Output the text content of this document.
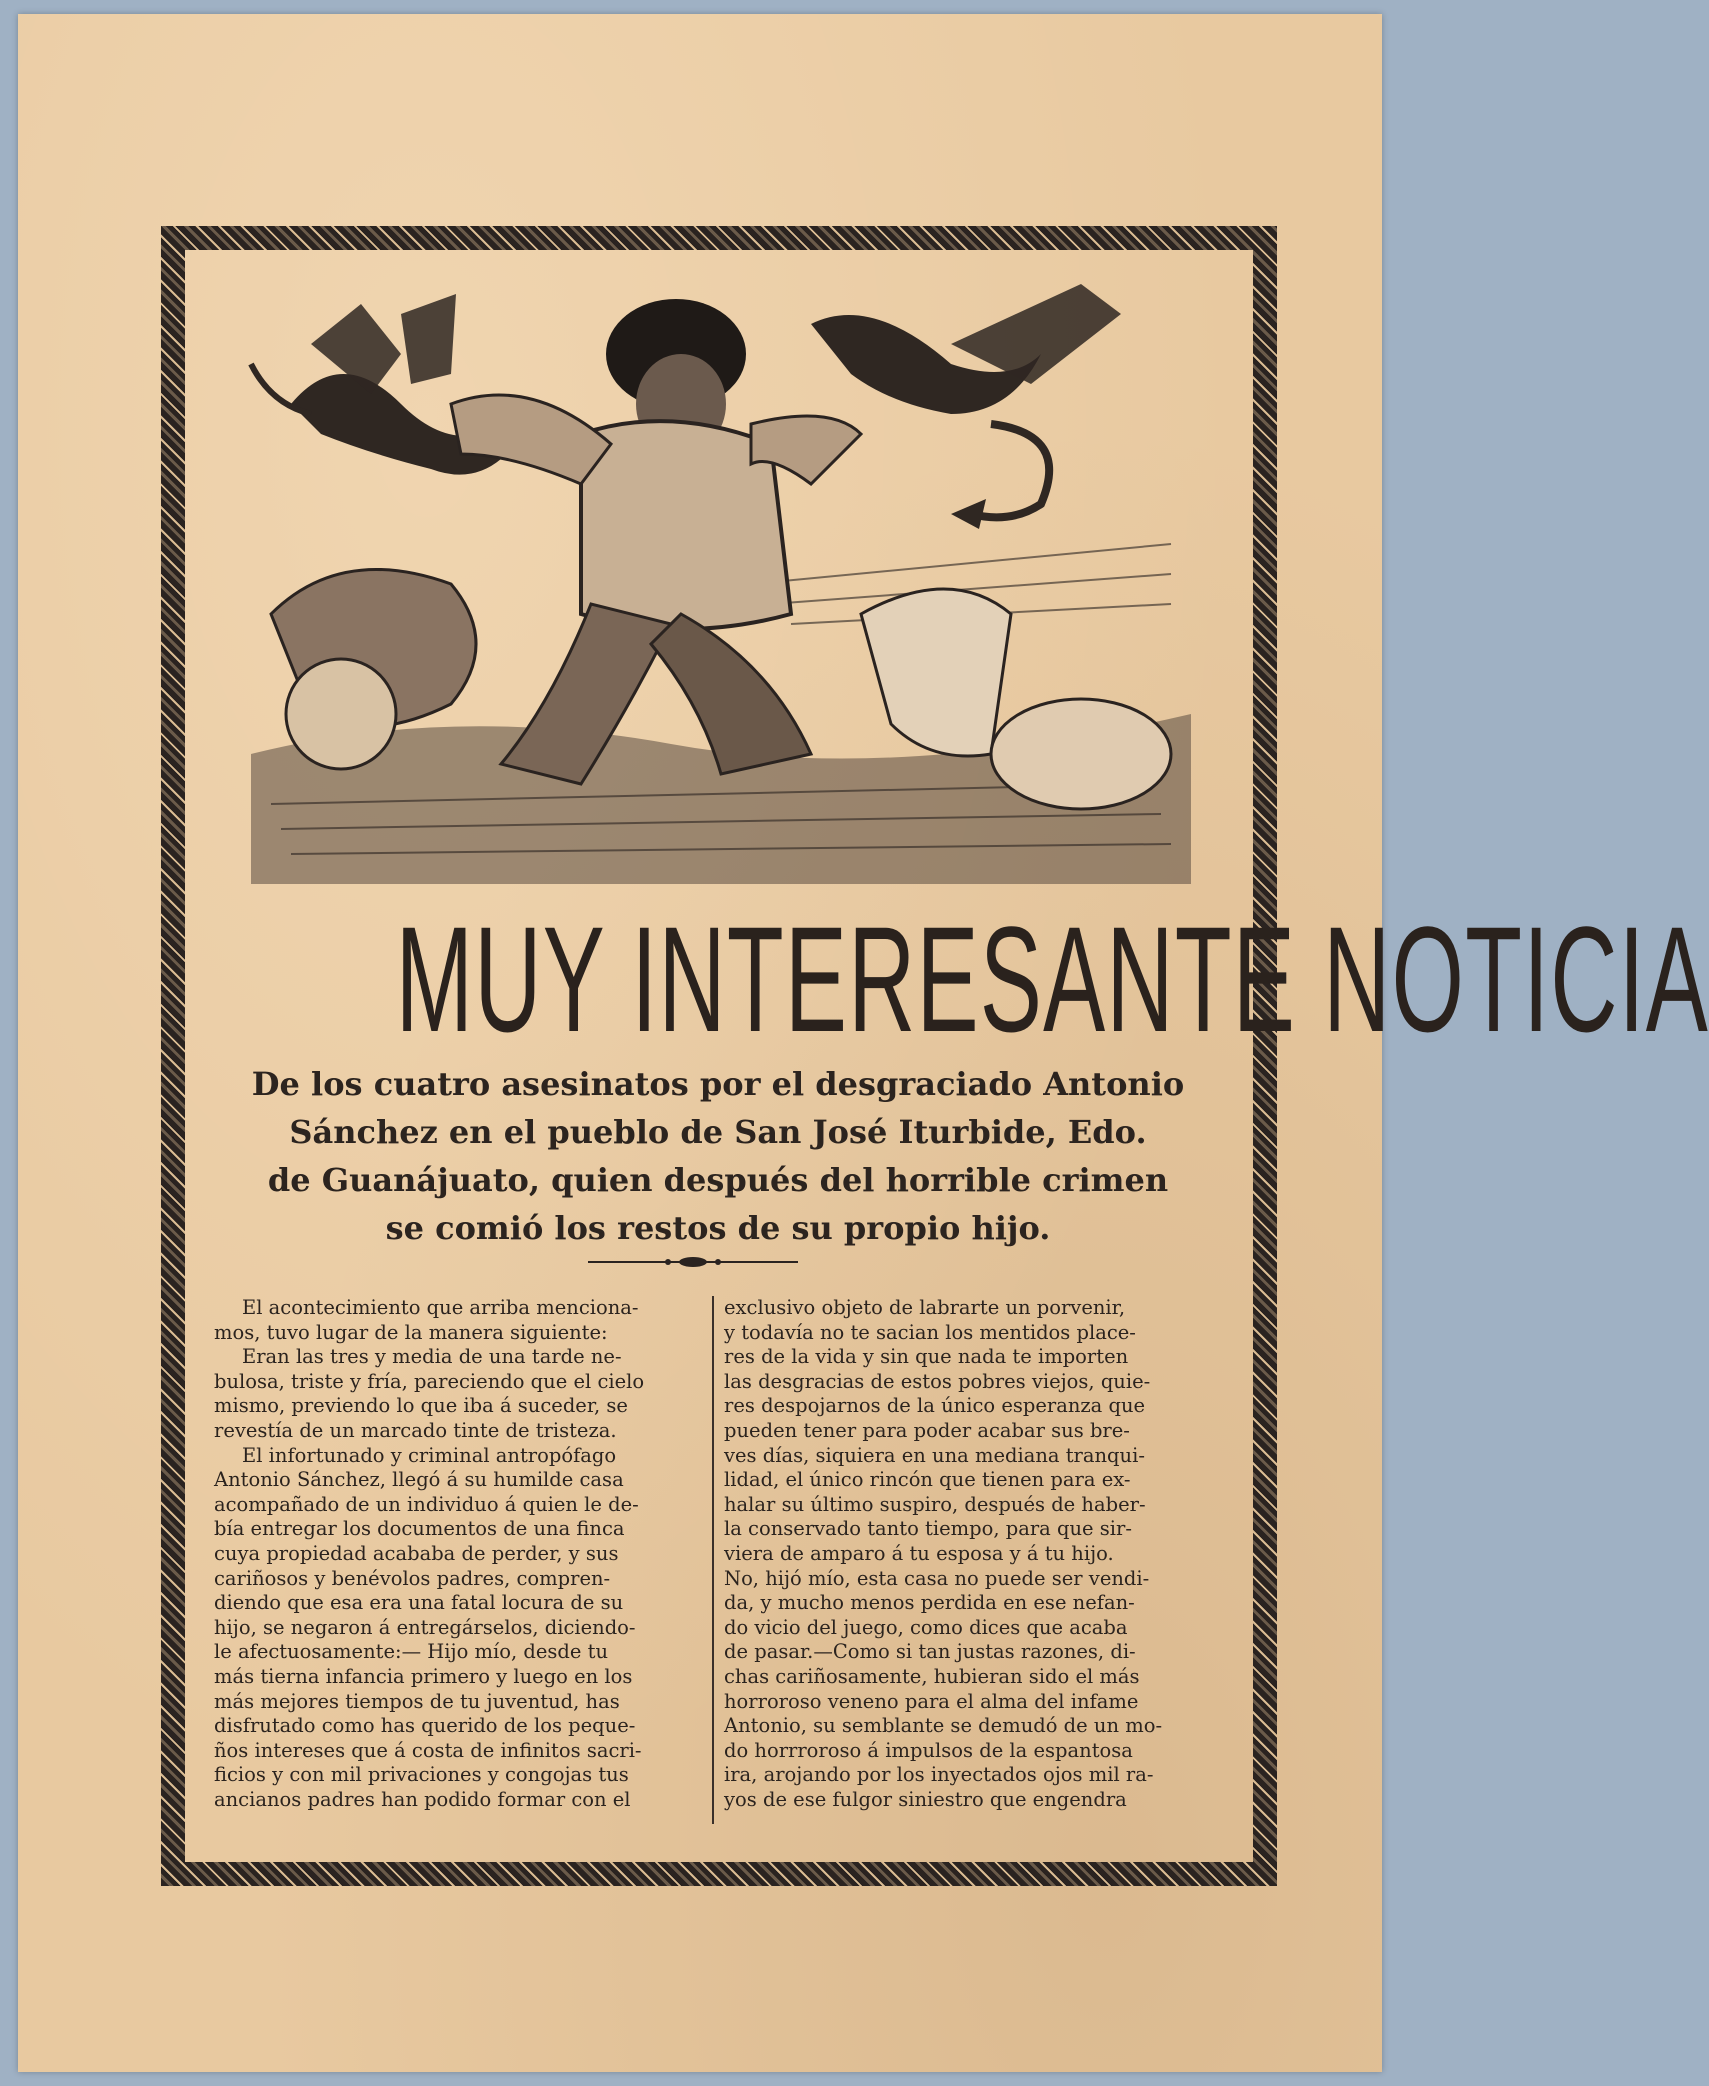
MUY INTERESANTE NOTICIA
De los cuatro asesinatos por el desgraciado Antonio
Sánchez en el pueblo de San José Iturbide, Edo.
de Guanájuato, quien después del horrible crimen
se comió los restos de su propio hijo.

El acontecimiento que arriba menciona-

mos, tuvo lugar de la manera siguiente:

Eran las tres y media de una tarde ne-

bulosa, triste y fría, pareciendo que el cielo

mismo, previendo lo que iba á suceder, se

revestía de un marcado tinte de tristeza.

El infortunado y criminal antropófago

Antonio Sánchez, llegó á su humilde casa

acompañado de un individuo á quien le de-

bía entregar los documentos de una finca

cuya propiedad acababa de perder, y sus

cariñosos y benévolos padres, compren-

diendo que esa era una fatal locura de su

hijo, se negaron á entregárselos, diciendo-

le afectuosamente:— Hijo mío, desde tu

más tierna infancia primero y luego en los

más mejores tiempos de tu juventud, has

disfrutado como has querido de los peque-

ños intereses que á costa de infinitos sacri-

ficios y con mil privaciones y congojas tus

ancianos padres han podido formar con el

exclusivo objeto de labrarte un porvenir,

y todavía no te sacian los mentidos place-

res de la vida y sin que nada te importen

las desgracias de estos pobres viejos, quie-

res despojarnos de la único esperanza que

pueden tener para poder acabar sus bre-

ves días, siquiera en una mediana tranqui-

lidad, el único rincón que tienen para ex-

halar su último suspiro, después de haber-

la conservado tanto tiempo, para que sir-

viera de amparo á tu esposa y á tu hijo.

No, hijó mío, esta casa no puede ser vendi-

da, y mucho menos perdida en ese nefan-

do vicio del juego, como dices que acaba

de pasar.—Como si tan justas razones, di-

chas cariñosamente, hubieran sido el más

horroroso veneno para el alma del infame

Antonio, su semblante se demudó de un mo-

do horrroroso á impulsos de la espantosa

ira, arojando por los inyectados ojos mil ra-

yos de ese fulgor siniestro que engendra
